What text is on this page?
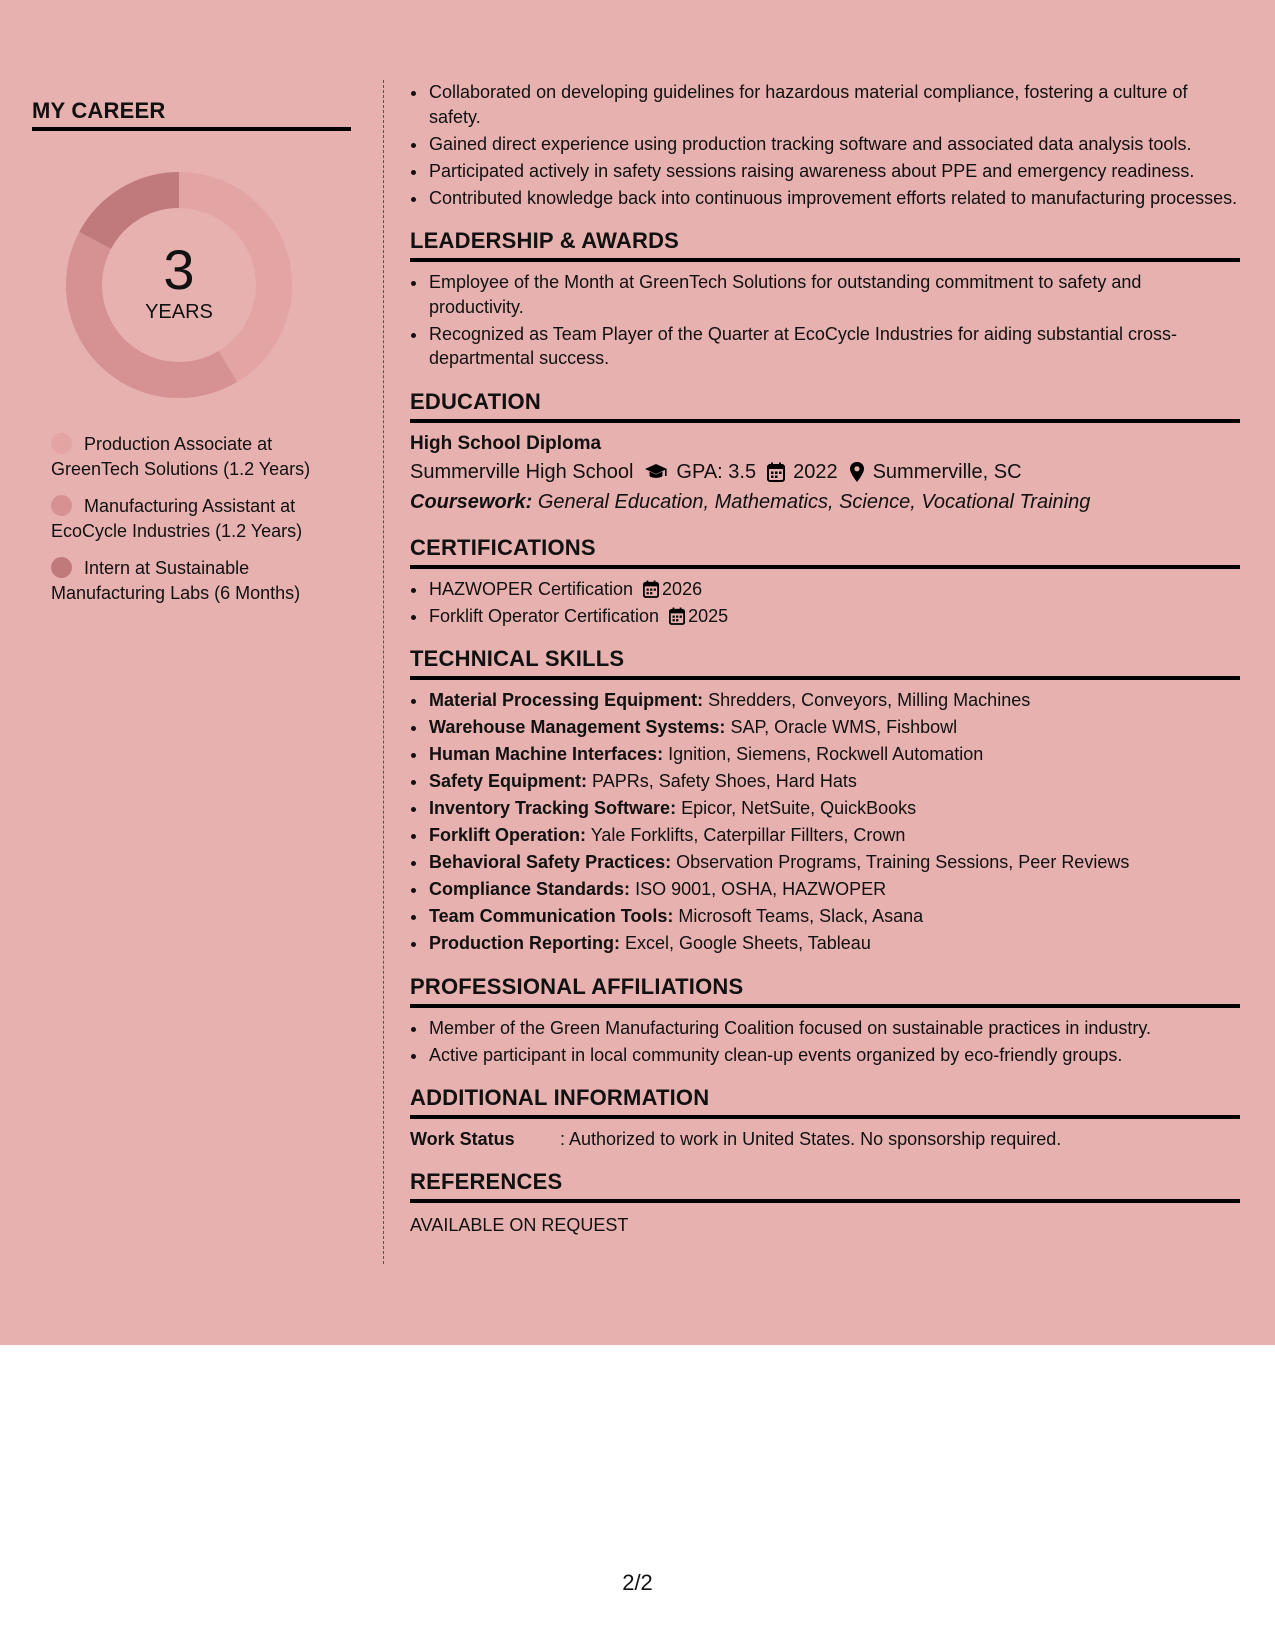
MY CAREER
3
YEARS
Production Associate at GreenTech Solutions (1.2 Years)
Manufacturing Assistant at EcoCycle Industries (1.2 Years)
Intern at Sustainable Manufacturing Labs (6 Months)
• Collaborated on developing guidelines for hazardous material compliance, fostering a culture of safety.
• Gained direct experience using production tracking software and associated data analysis tools.
• Participated actively in safety sessions raising awareness about PPE and emergency readiness.
• Contributed knowledge back into continuous improvement efforts related to manufacturing processes.
LEADERSHIP & AWARDS
• Employee of the Month at GreenTech Solutions for outstanding commitment to safety and productivity.
• Recognized as Team Player of the Quarter at EcoCycle Industries for aiding substantial cross-departmental success.
EDUCATION
High School Diploma
Summerville High School GPA: 3.5 2022 Summerville, SC
Coursework: General Education, Mathematics, Science, Vocational Training
CERTIFICATIONS
• HAZWOPER Certification 2026
• Forklift Operator Certification 2025
TECHNICAL SKILLS
• Material Processing Equipment: Shredders, Conveyors, Milling Machines
• Warehouse Management Systems: SAP, Oracle WMS, Fishbowl
• Human Machine Interfaces: Ignition, Siemens, Rockwell Automation
• Safety Equipment: PAPRs, Safety Shoes, Hard Hats
• Inventory Tracking Software: Epicor, NetSuite, QuickBooks
• Forklift Operation: Yale Forklifts, Caterpillar Fillters, Crown
• Behavioral Safety Practices: Observation Programs, Training Sessions, Peer Reviews
• Compliance Standards: ISO 9001, OSHA, HAZWOPER
• Team Communication Tools: Microsoft Teams, Slack, Asana
• Production Reporting: Excel, Google Sheets, Tableau
PROFESSIONAL AFFILIATIONS
• Member of the Green Manufacturing Coalition focused on sustainable practices in industry.
• Active participant in local community clean-up events organized by eco-friendly groups.
ADDITIONAL INFORMATION
Work Status	: Authorized to work in United States. No sponsorship required.
REFERENCES
AVAILABLE ON REQUEST
2/2
